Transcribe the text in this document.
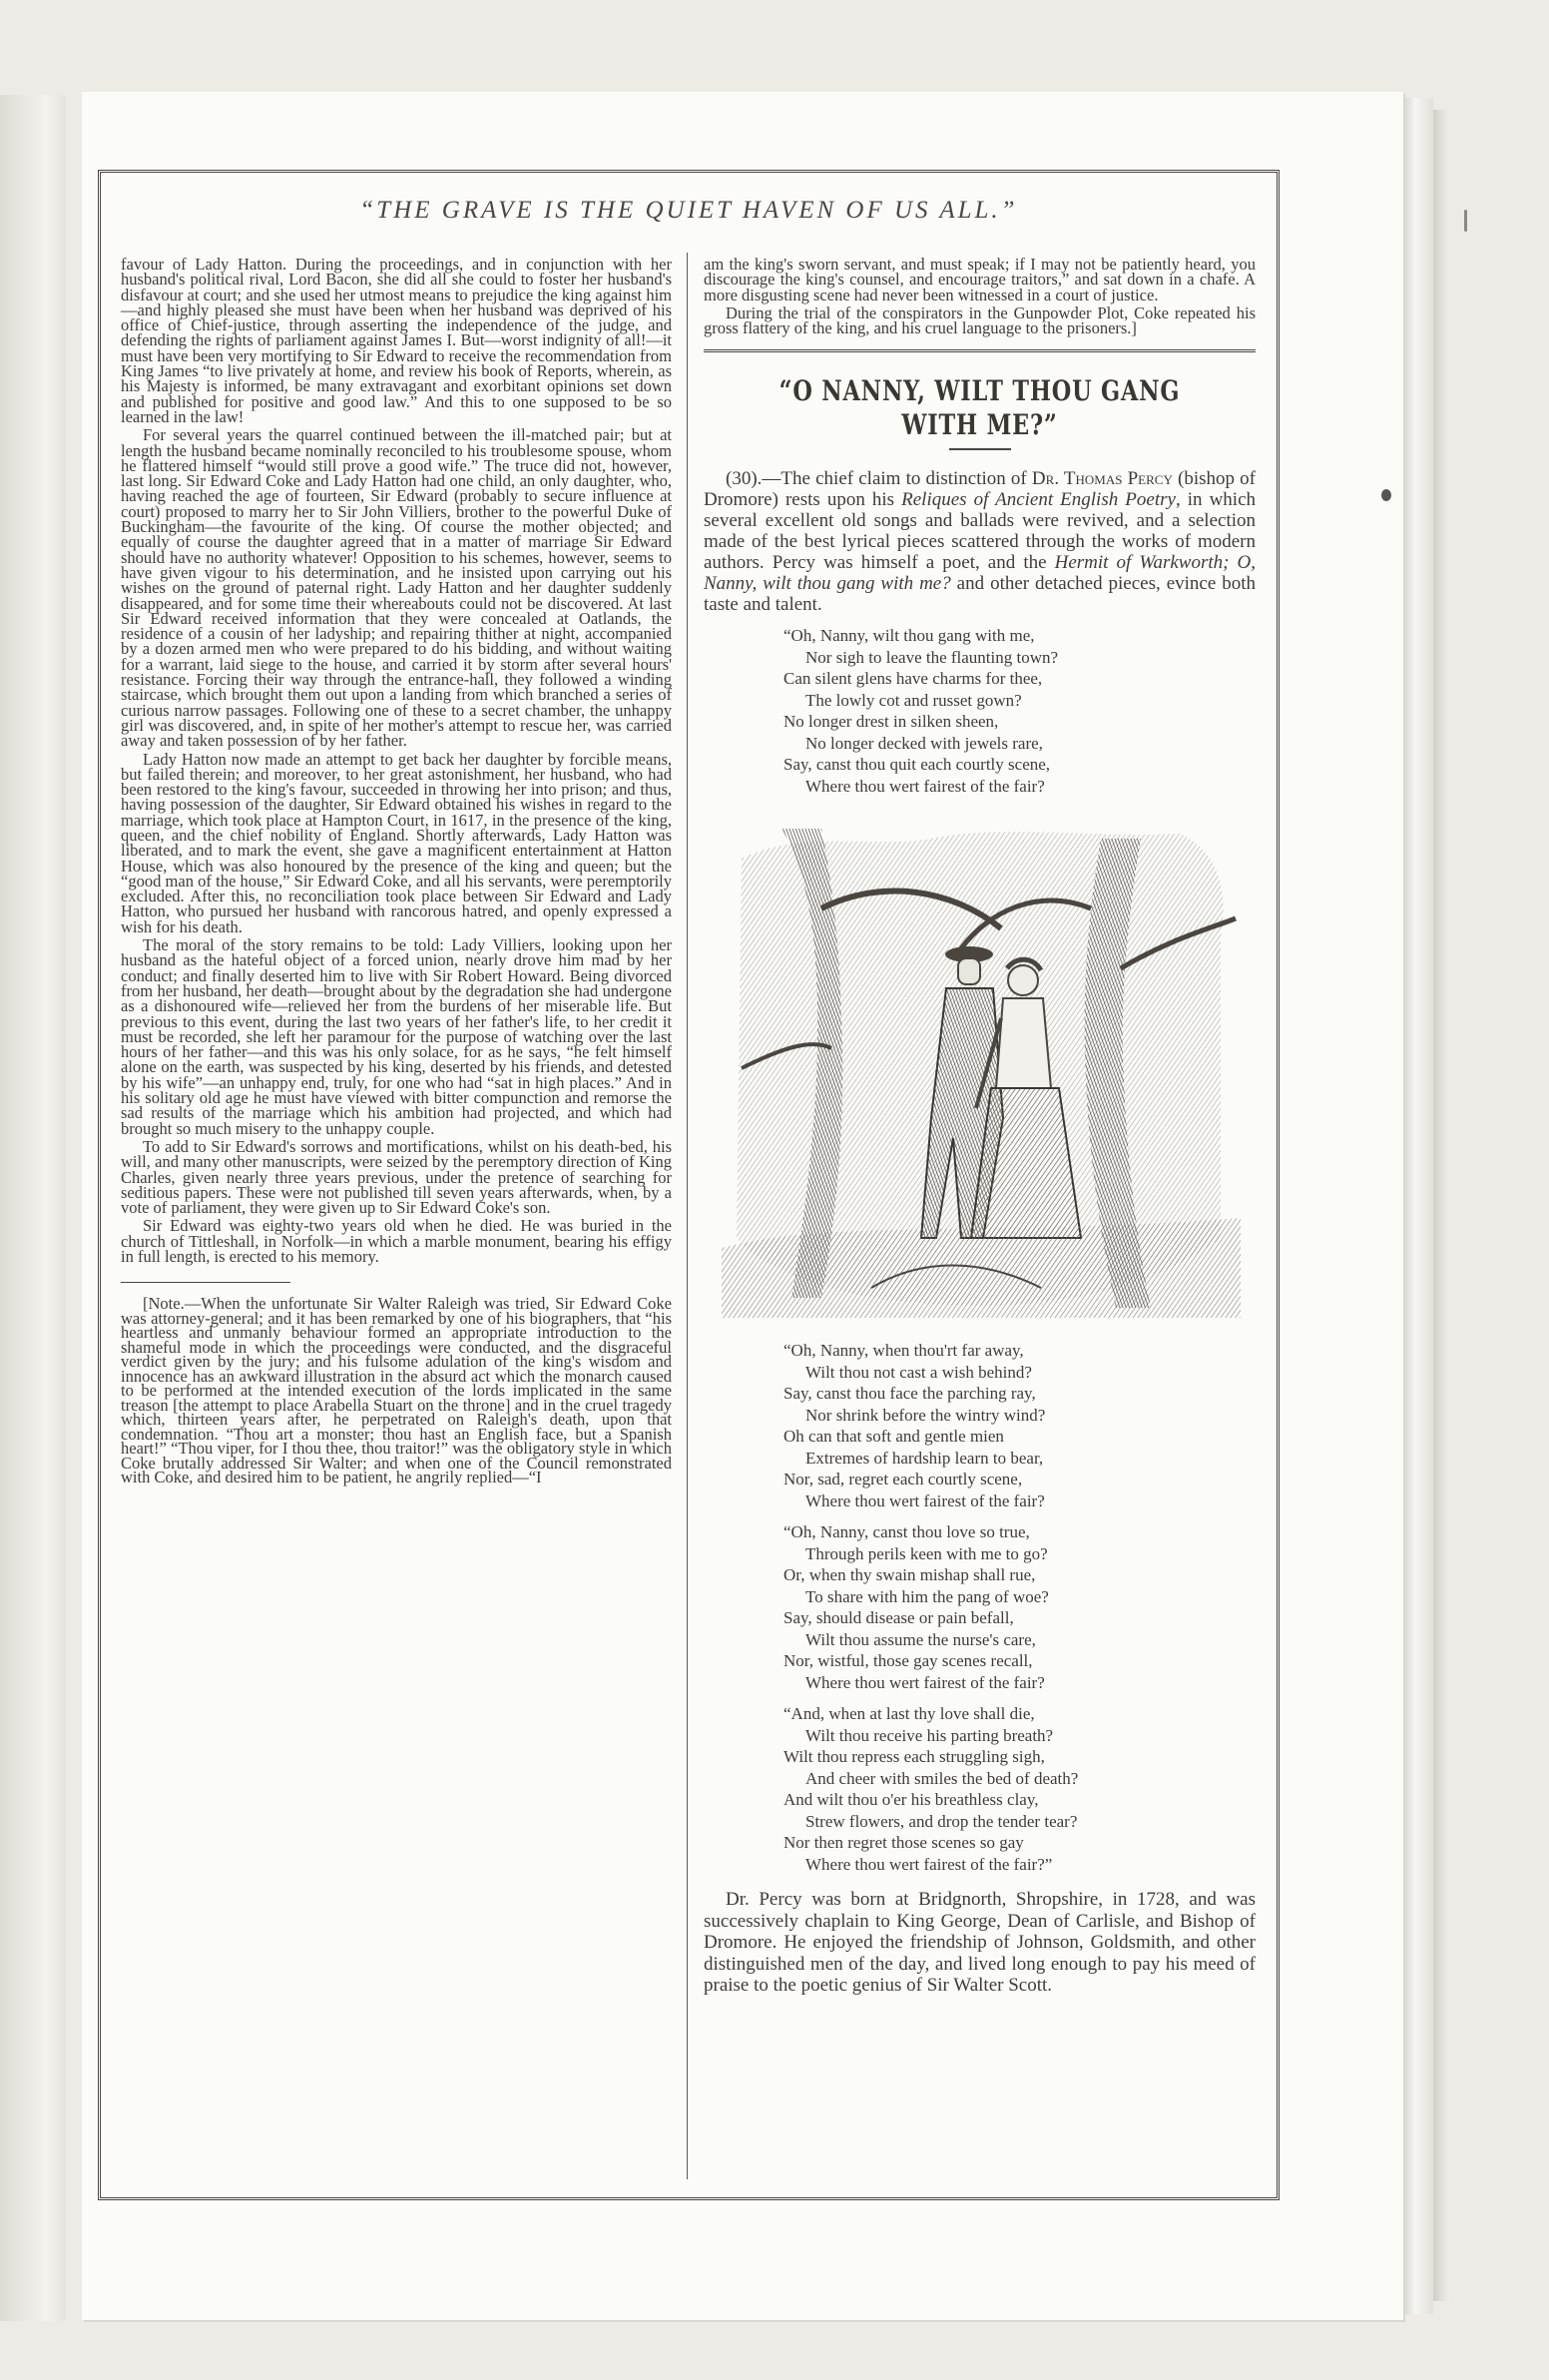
“THE GRAVE IS THE QUIET HAVEN OF US ALL.”

favour of Lady Hatton. During the proceedings, and in conjunction with her husband's political rival, Lord Bacon, she did all she could to foster her husband's disfavour at court; and she used her utmost means to prejudice the king against him—and highly pleased she must have been when her husband was deprived of his office of Chief-justice, through asserting the independence of the judge, and defending the rights of parliament against James I. But—worst indignity of all!—it must have been very mortifying to Sir Edward to receive the recommendation from King James “to live privately at home, and review his book of Reports, wherein, as his Majesty is informed, be many extravagant and exorbitant opinions set down and published for positive and good law.” And this to one supposed to be so learned in the law!

For several years the quarrel continued between the ill-matched pair; but at length the husband became nominally reconciled to his troublesome spouse, whom he flattered himself “would still prove a good wife.” The truce did not, however, last long. Sir Edward Coke and Lady Hatton had one child, an only daughter, who, having reached the age of fourteen, Sir Edward (probably to secure influence at court) proposed to marry her to Sir John Villiers, brother to the powerful Duke of Buckingham—the favourite of the king. Of course the mother objected; and equally of course the daughter agreed that in a matter of marriage Sir Edward should have no authority whatever! Opposition to his schemes, however, seems to have given vigour to his determination, and he insisted upon carrying out his wishes on the ground of paternal right. Lady Hatton and her daughter suddenly disappeared, and for some time their whereabouts could not be discovered. At last Sir Edward received information that they were concealed at Oatlands, the residence of a cousin of her ladyship; and repairing thither at night, accompanied by a dozen armed men who were prepared to do his bidding, and without waiting for a warrant, laid siege to the house, and carried it by storm after several hours' resistance. Forcing their way through the entrance-hall, they followed a winding staircase, which brought them out upon a landing from which branched a series of curious narrow passages. Following one of these to a secret chamber, the unhappy girl was discovered, and, in spite of her mother's attempt to rescue her, was carried away and taken possession of by her father.

Lady Hatton now made an attempt to get back her daughter by forcible means, but failed therein; and moreover, to her great astonishment, her husband, who had been restored to the king's favour, succeeded in throwing her into prison; and thus, having possession of the daughter, Sir Edward obtained his wishes in regard to the marriage, which took place at Hampton Court, in 1617, in the presence of the king, queen, and the chief nobility of England. Shortly afterwards, Lady Hatton was liberated, and to mark the event, she gave a magnificent entertainment at Hatton House, which was also honoured by the presence of the king and queen; but the “good man of the house,” Sir Edward Coke, and all his servants, were peremptorily excluded. After this, no reconciliation took place between Sir Edward and Lady Hatton, who pursued her husband with rancorous hatred, and openly expressed a wish for his death.

The moral of the story remains to be told: Lady Villiers, looking upon her husband as the hateful object of a forced union, nearly drove him mad by her conduct; and finally deserted him to live with Sir Robert Howard. Being divorced from her husband, her death—brought about by the degradation she had undergone as a dishonoured wife—relieved her from the burdens of her miserable life. But previous to this event, during the last two years of her father's life, to her credit it must be recorded, she left her paramour for the purpose of watching over the last hours of her father—and this was his only solace, for as he says, “he felt himself alone on the earth, was suspected by his king, deserted by his friends, and detested by his wife”—an unhappy end, truly, for one who had “sat in high places.” And in his solitary old age he must have viewed with bitter compunction and remorse the sad results of the marriage which his ambition had projected, and which had brought so much misery to the unhappy couple.

To add to Sir Edward's sorrows and mortifications, whilst on his death-bed, his will, and many other manuscripts, were seized by the peremptory direction of King Charles, given nearly three years previous, under the pretence of searching for seditious papers. These were not published till seven years afterwards, when, by a vote of parliament, they were given up to Sir Edward Coke's son.

Sir Edward was eighty-two years old when he died. He was buried in the church of Tittleshall, in Norfolk—in which a marble monument, bearing his effigy in full length, is erected to his memory.

[Note.—When the unfortunate Sir Walter Raleigh was tried, Sir Edward Coke was attorney-general; and it has been remarked by one of his biographers, that “his heartless and unmanly behaviour formed an appropriate introduction to the shameful mode in which the proceedings were conducted, and the disgraceful verdict given by the jury; and his fulsome adulation of the king's wisdom and innocence has an awkward illustration in the absurd act which the monarch caused to be performed at the intended execution of the lords implicated in the same treason [the attempt to place Arabella Stuart on the throne] and in the cruel tragedy which, thirteen years after, he perpetrated on Raleigh's death, upon that condemnation. “Thou art a monster; thou hast an English face, but a Spanish heart!” “Thou viper, for I thou thee, thou traitor!” was the obligatory style in which Coke brutally addressed Sir Walter; and when one of the Council remonstrated with Coke, and desired him to be patient, he angrily replied—“I

am the king's sworn servant, and must speak; if I may not be patiently heard, you discourage the king's counsel, and encourage traitors,” and sat down in a chafe. A more disgusting scene had never been witnessed in a court of justice.

During the trial of the conspirators in the Gunpowder Plot, Coke repeated his gross flattery of the king, and his cruel language to the prisoners.]

“O NANNY, WILT THOU GANG WITH ME?”

(30).—The chief claim to distinction of Dr. Thomas Percy (bishop of Dromore) rests upon his Reliques of Ancient English Poetry, in which several excellent old songs and ballads were revived, and a selection made of the best lyrical pieces scattered through the works of modern authors. Percy was himself a poet, and the Hermit of Warkworth; O, Nanny, wilt thou gang with me? and other detached pieces, evince both taste and talent.

“Oh, Nanny, wilt thou gang with me,
Nor sigh to leave the flaunting town?
Can silent glens have charms for thee,
The lowly cot and russet gown?
No longer drest in silken sheen,
No longer decked with jewels rare,
Say, canst thou quit each courtly scene,
Where thou wert fairest of the fair?
“Oh, Nanny, when thou'rt far away,
Wilt thou not cast a wish behind?
Say, canst thou face the parching ray,
Nor shrink before the wintry wind?
Oh can that soft and gentle mien
Extremes of hardship learn to bear,
Nor, sad, regret each courtly scene,
Where thou wert fairest of the fair?
“Oh, Nanny, canst thou love so true,
Through perils keen with me to go?
Or, when thy swain mishap shall rue,
To share with him the pang of woe?
Say, should disease or pain befall,
Wilt thou assume the nurse's care,
Nor, wistful, those gay scenes recall,
Where thou wert fairest of the fair?
“And, when at last thy love shall die,
Wilt thou receive his parting breath?
Wilt thou repress each struggling sigh,
And cheer with smiles the bed of death?
And wilt thou o'er his breathless clay,
Strew flowers, and drop the tender tear?
Nor then regret those scenes so gay
Where thou wert fairest of the fair?”

Dr. Percy was born at Bridgnorth, Shropshire, in 1728, and was successively chaplain to King George, Dean of Carlisle, and Bishop of Dromore. He enjoyed the friendship of Johnson, Goldsmith, and other distinguished men of the day, and lived long enough to pay his meed of praise to the poetic genius of Sir Walter Scott.
